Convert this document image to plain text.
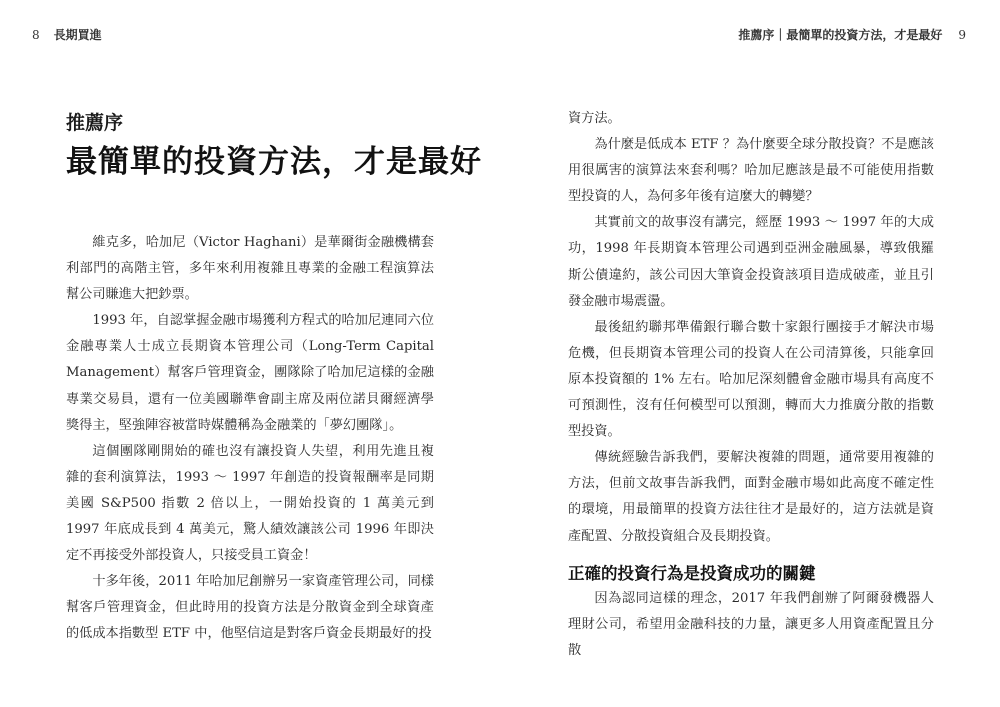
8 長期買進
推薦序
最簡單的投資方法，才是最好

維克多，哈加尼（Victor Haghani）是華爾街金融機構套利部門的高階主管，多年來利用複雜且專業的金融工程演算法幫公司賺進大把鈔票。

1993 年，自認掌握金融市場獲利方程式的哈加尼連同六位金融專業人士成立長期資本管理公司（Long-Term Capital Management）幫客戶管理資金，團隊除了哈加尼這樣的金融專業交易員，還有一位美國聯準會副主席及兩位諾貝爾經濟學獎得主，堅強陣容被當時媒體稱為金融業的「夢幻團隊」。

這個團隊剛開始的確也沒有讓投資人失望，利用先進且複雜的套利演算法，1993 ～ 1997 年創造的投資報酬率是同期美國 S&P500 指數 2 倍以上，一開始投資的 1 萬美元到 1997 年底成長到 4 萬美元，驚人績效讓該公司 1996 年即決定不再接受外部投資人，只接受員工資金！

十多年後，2011 年哈加尼創辦另一家資產管理公司，同樣幫客戶管理資金，但此時用的投資方法是分散資金到全球資產的低成本指數型 ETF 中，他堅信這是對客戶資金長期最好的投

推薦序｜最簡單的投資方法，才是最好 9

資方法。

為什麼是低成本 ETF ？為什麼要全球分散投資？不是應該用很厲害的演算法來套利嗎？哈加尼應該是最不可能使用指數型投資的人，為何多年後有這麼大的轉變？

其實前文的故事沒有講完，經歷 1993 ～ 1997 年的大成功，1998 年長期資本管理公司遇到亞洲金融風暴，導致俄羅斯公債違約，該公司因大筆資金投資該項目造成破產，並且引發金融市場震盪。

最後紐約聯邦準備銀行聯合數十家銀行團接手才解決市場危機，但長期資本管理公司的投資人在公司清算後，只能拿回原本投資額的 1% 左右。哈加尼深刻體會金融市場具有高度不可預測性，沒有任何模型可以預測，轉而大力推廣分散的指數型投資。

傳統經驗告訴我們，要解決複雜的問題，通常要用複雜的方法，但前文故事告訴我們，面對金融市場如此高度不確定性的環境，用最簡單的投資方法往往才是最好的，這方法就是資產配置、分散投資組合及長期投資。

正確的投資行為是投資成功的關鍵

因為認同這樣的理念，2017 年我們創辦了阿爾發機器人理財公司，希望用金融科技的力量，讓更多人用資產配置且分散
